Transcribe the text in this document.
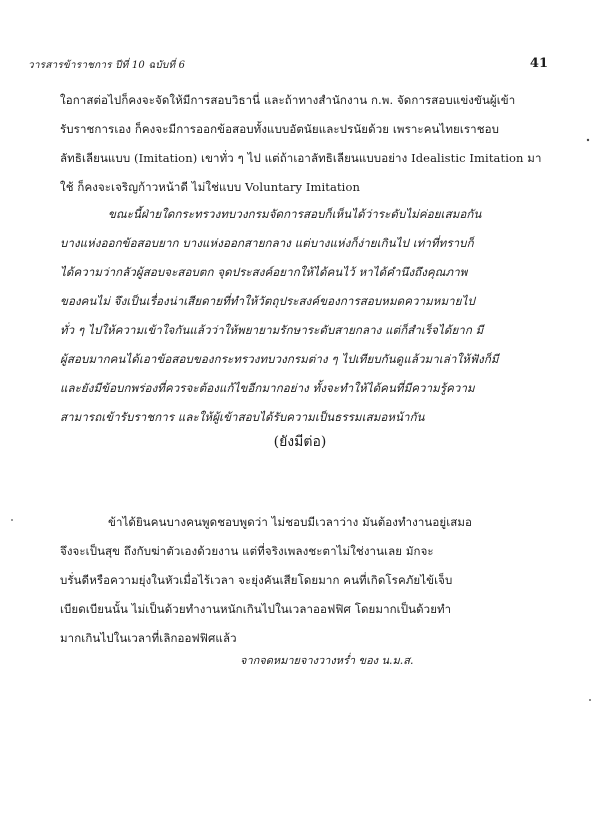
วารสารข้าราชการ ปีที่ 10 ฉบับที่ 6	41
ใอกาสต่อไปก็คงจะจัดให้มีการสอบวิธานี่ และถ้าทางสำนักงาน ก.พ. จัดการสอบแข่งขันผู้เข้า
รับราชการเอง ก็คงจะมีการออกข้อสอบทั้งแบบอัตนัยและปรนัยด้วย เพราะคนไทยเราชอบ
ลัทธิเลียนแบบ (Imitation) เขาทั่ว ๆ ไป แต่ถ้าเอาลัทธิเลียนแบบอย่าง Idealistic Imitation มา
ใช้ ก็คงจะเจริญก้าวหน้าดี ไม่ใช่แบบ Voluntary Imitation
ขณะนี้ฝ่ายใดกระทรวงทบวงกรมจัดการสอบก็เห็นได้ว่าระดับไม่ค่อยเสมอกัน
บางแห่งออกข้อสอบยาก บางแห่งออกสายกลาง แต่บางแห่งก็ง่ายเกินไป เท่าที่ทราบก็
ได้ความว่ากลัวผู้สอบจะสอบตก จุดประสงค์อยากให้ได้คนไว้ หาได้คำนึงถึงคุณภาพ
ของคนไม่ จึงเป็นเรื่องน่าเสียดายที่ทำให้วัตถุประสงค์ของการสอบหมดความหมายไป
ทั่ว ๆ ไปให้ความเข้าใจกันแล้วว่าให้พยายามรักษาระดับสายกลาง แต่ก็สำเร็จได้ยาก มี
ผู้สอบมากคนได้เอาข้อสอบของกระทรวงทบวงกรมต่าง ๆ ไปเทียบกันดูแล้วมาเล่าให้ฟังก็มี
และยังมีข้อบกพร่องที่ควรจะต้องแก้ไขอีกมากอย่าง ทั้งจะทำให้ได้คนที่มีความรู้ความ
สามารถเข้ารับราชการ และให้ผู้เข้าสอบได้รับความเป็นธรรมเสมอหน้ากัน
(ยังมีต่อ)
ข้าได้ยินคนบางคนพูดชอบพูดว่า ไม่ชอบมีเวลาว่าง มันต้องทำงานอยู่เสมอ
จึงจะเป็นสุข ถึงกับฆ่าตัวเองด้วยงาน แต่ที่จริงเพลงชะตาไม่ใช่งานเลย มักจะ
บรั่นดีหรือความยุ่งในหัวเมื่อไร้เวลา จะยุ่งคันเสียโดยมาก คนที่เกิดโรคภัยไข้เจ็บ
เบียดเบียนนั้น ไม่เป็นด้วยทำงานหนักเกินไปในเวลาออฟฟิศ โดยมากเป็นด้วยทำ
มากเกินไปในเวลาที่เลิกออฟฟิศแล้ว
จากจดหมายจางวางหร่ำ ของ น.ม.ส.
